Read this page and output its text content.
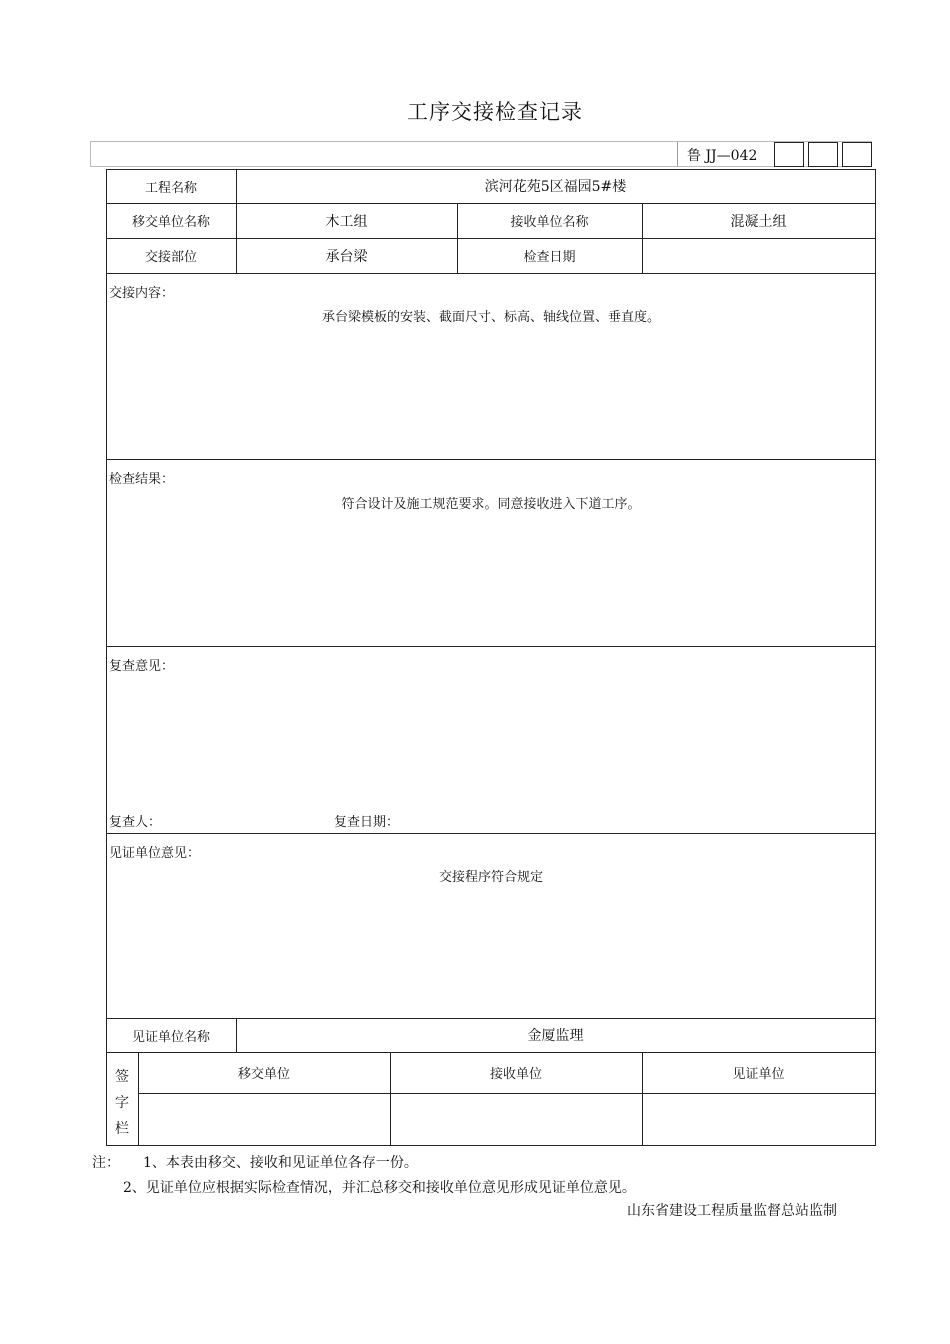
工序交接检查记录
鲁 JJ—042
工程名称	滨河花苑5区福园5#楼
移交单位名称	木工组	接收单位名称	混凝土组
交接部位	承台梁	检查日期
交接内容：
承台梁模板的安装、截面尺寸、标高、轴线位置、垂直度。
检查结果：
符合设计及施工规范要求。同意接收进入下道工序。
复查意见：
复查人：	复查日期：
见证单位意见：
交接程序符合规定
见证单位名称	金厦监理
签
字
栏
移交单位	接收单位	见证单位
注： 1、本表由移交、接收和见证单位各存一份。
2、见证单位应根据实际检查情况，并汇总移交和接收单位意见形成见证单位意见。
山东省建设工程质量监督总站监制
